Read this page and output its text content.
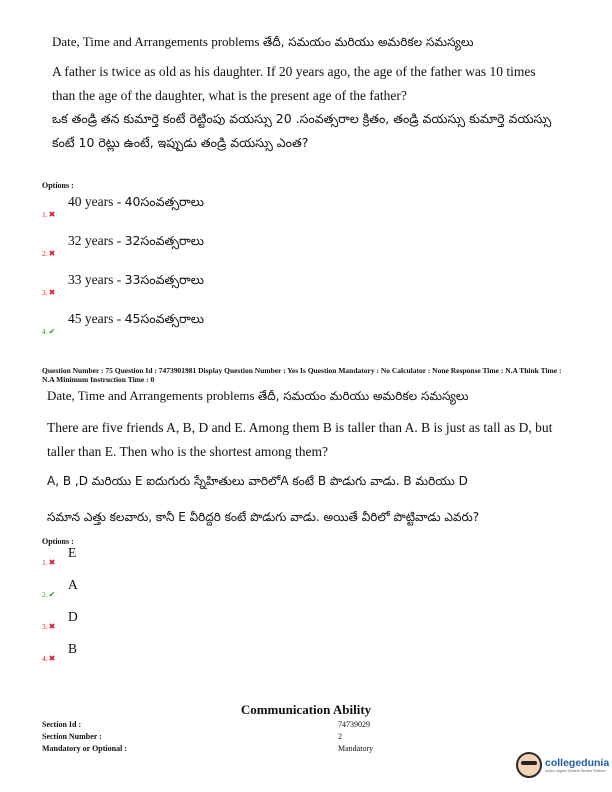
Date, Time and Arrangements problems తేదీ, సమయం మరియు అమరికల సమస్యలు
A father is twice as old as his daughter. If 20 years ago, the age of the father was 10 times than the age of the daughter, what is the present age of the father?
ఒక తండ్రి తన కుమార్తె కంటే రెట్టింపు వయస్సు 20 .సంవత్సరాల క్రితం, తండ్రి వయస్సు కుమార్తె వయస్సు కంటే 10 రెట్లు ఉంటే, ఇప్పుడు తండ్రి వయస్సు ఎంత?
Options :
1. ✖
40 years - 40సంవత్సరాలు
2. ✖
32 years - 32సంవత్సరాలు
3. ✖
33 years - 33సంవత్సరాలు
4. ✔
45 years - 45సంవత్సరాలు
Question Number : 75 Question Id : 7473901981 Display Question Number : Yes Is Question Mandatory : No Calculator : None Response Time : N.A Think Time : N.A Minimum Instruction Time : 0
Date, Time and Arrangements problems తేదీ, సమయం మరియు అమరికల సమస్యలు
There are five friends A, B, D and E. Among them B is taller than A. B is just as tall as D, but taller than E. Then who is the shortest among them?
A, B ,D మరియు E ఐదుగురు స్నేహితులు వారిలోA కంటే B పొడుగు వాడు. B మరియు D
సమాన ఎత్తు కలవారు, కానీ E వీరిద్దరి కంటే పొడుగు వాడు. అయితే వీరిలో పొట్టివాడు ఎవరు?
Options :
1. ✖
E
2. ✔
A
3. ✖
D
4. ✖
B
Communication Ability
Section Id :	74739029
Section Number :	2
Mandatory or Optional :	Mandatory
collegedunia
India's largest Student Review Platform
